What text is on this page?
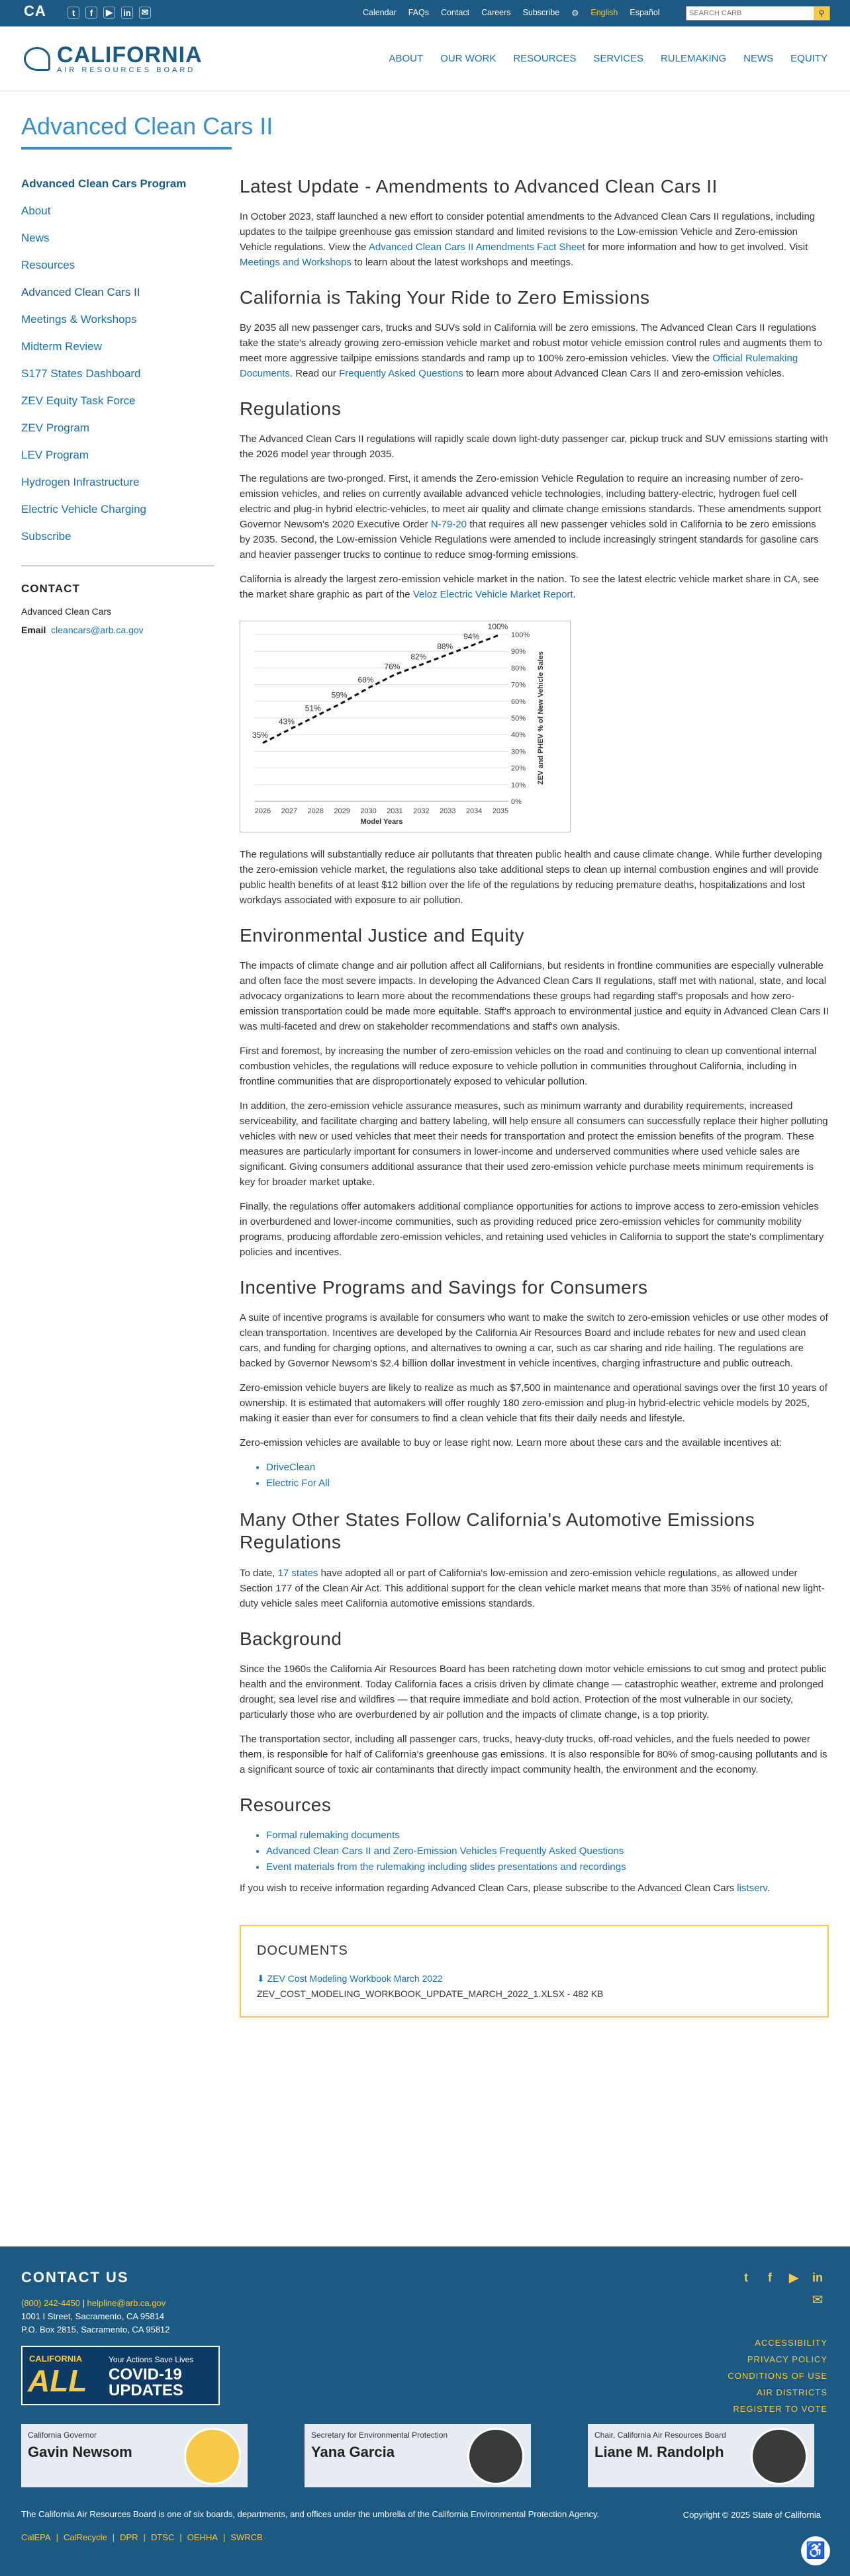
CA	t	f	▶	in ✉	Calendar FAQs Contact Careers Subscribe ⚙ English Español
SEARCH CARB	⚲
CALIFORNIA
AIR RESOURCES BOARD
ABOUT OUR WORK RESOURCES SERVICES RULEMAKING NEWS EQUITY
Advanced Clean Cars II
Advanced Clean Cars Program
About
News
Resources
Advanced Clean Cars II
Meetings & Workshops
Midterm Review
S177 States Dashboard
ZEV Equity Task Force
ZEV Program
LEV Program
Hydrogen Infrastructure
Electric Vehicle Charging
Subscribe
CONTACT
Advanced Clean Cars
Email cleancars@arb.ca.gov
Latest Update - Amendments to Advanced Clean Cars II

In October 2023, staff launched a new effort to consider potential amendments to the Advanced Clean Cars II regulations, including updates to the tailpipe greenhouse gas emission standard and limited revisions to the Low-emission Vehicle and Zero-emission Vehicle regulations. View the Advanced Clean Cars II Amendments Fact Sheet for more information and how to get involved. Visit Meetings and Workshops to learn about the latest workshops and meetings.

California is Taking Your Ride to Zero Emissions

By 2035 all new passenger cars, trucks and SUVs sold in California will be zero emissions. The Advanced Clean Cars II regulations take the state's already growing zero-emission vehicle market and robust motor vehicle emission control rules and augments them to meet more aggressive tailpipe emissions standards and ramp up to 100% zero-emission vehicles. View the Official Rulemaking Documents. Read our Frequently Asked Questions to learn more about Advanced Clean Cars II and zero-emission vehicles.

Regulations

The Advanced Clean Cars II regulations will rapidly scale down light-duty passenger car, pickup truck and SUV emissions starting with the 2026 model year through 2035.

The regulations are two-pronged. First, it amends the Zero-emission Vehicle Regulation to require an increasing number of zero-emission vehicles, and relies on currently available advanced vehicle technologies, including battery-electric, hydrogen fuel cell electric and plug-in hybrid electric-vehicles, to meet air quality and climate change emissions standards. These amendments support Governor Newsom's 2020 Executive Order N-79-20 that requires all new passenger vehicles sold in California to be zero emissions by 2035. Second, the Low-emission Vehicle Regulations were amended to include increasingly stringent standards for gasoline cars and heavier passenger trucks to continue to reduce smog-forming emissions.

California is already the largest zero-emission vehicle market in the nation. To see the latest electric vehicle market share in CA, see the market share graphic as part of the Veloz Electric Vehicle Market Report.

0%
10%
20%
30%
40%
50%
60%
70%
80%
90%
100%
2026 2027 2028 2029 2030 2031 2032 2033 2034 2035
35%
43%
51%
59%
68%
76%
82%
88%
94%
100%
Model Years
ZEV and PHEV % of New Vehicle Sales

The regulations will substantially reduce air pollutants that threaten public health and cause climate change. While further developing the zero-emission vehicle market, the regulations also take additional steps to clean up internal combustion engines and will provide public health benefits of at least $12 billion over the life of the regulations by reducing premature deaths, hospitalizations and lost workdays associated with exposure to air pollution.

Environmental Justice and Equity

The impacts of climate change and air pollution affect all Californians, but residents in frontline communities are especially vulnerable and often face the most severe impacts. In developing the Advanced Clean Cars II regulations, staff met with national, state, and local advocacy organizations to learn more about the recommendations these groups had regarding staff's proposals and how zero-emission transportation could be made more equitable. Staff's approach to environmental justice and equity in Advanced Clean Cars II was multi-faceted and drew on stakeholder recommendations and staff's own analysis.

First and foremost, by increasing the number of zero-emission vehicles on the road and continuing to clean up conventional internal combustion vehicles, the regulations will reduce exposure to vehicle pollution in communities throughout California, including in frontline communities that are disproportionately exposed to vehicular pollution.

In addition, the zero-emission vehicle assurance measures, such as minimum warranty and durability requirements, increased serviceability, and facilitate charging and battery labeling, will help ensure all consumers can successfully replace their higher polluting vehicles with new or used vehicles that meet their needs for transportation and protect the emission benefits of the program. These measures are particularly important for consumers in lower-income and underserved communities where used vehicle sales are significant. Giving consumers additional assurance that their used zero-emission vehicle purchase meets minimum requirements is key for broader market uptake.

Finally, the regulations offer automakers additional compliance opportunities for actions to improve access to zero-emission vehicles in overburdened and lower-income communities, such as providing reduced price zero-emission vehicles for community mobility programs, producing affordable zero-emission vehicles, and retaining used vehicles in California to support the state's complimentary policies and incentives.

Incentive Programs and Savings for Consumers

A suite of incentive programs is available for consumers who want to make the switch to zero-emission vehicles or use other modes of clean transportation. Incentives are developed by the California Air Resources Board and include rebates for new and used clean cars, and funding for charging options, and alternatives to owning a car, such as car sharing and ride hailing. The regulations are backed by Governor Newsom's $2.4 billion dollar investment in vehicle incentives, charging infrastructure and public outreach.

Zero-emission vehicle buyers are likely to realize as much as $7,500 in maintenance and operational savings over the first 10 years of ownership. It is estimated that automakers will offer roughly 180 zero-emission and plug-in hybrid-electric vehicle models by 2025, making it easier than ever for consumers to find a clean vehicle that fits their daily needs and lifestyle.

Zero-emission vehicles are available to buy or lease right now. Learn more about these cars and the available incentives at:

• DriveClean
• Electric For All
Many Other States Follow California's Automotive Emissions Regulations

To date, 17 states have adopted all or part of California's low-emission and zero-emission vehicle regulations, as allowed under Section 177 of the Clean Air Act. This additional support for the clean vehicle market means that more than 35% of national new light-duty vehicle sales meet California automotive emissions standards.

Background

Since the 1960s the California Air Resources Board has been ratcheting down motor vehicle emissions to cut smog and protect public health and the environment. Today California faces a crisis driven by climate change — catastrophic weather, extreme and prolonged drought, sea level rise and wildfires — that require immediate and bold action. Protection of the most vulnerable in our society, particularly those who are overburdened by air pollution and the impacts of climate change, is a top priority.

The transportation sector, including all passenger cars, trucks, heavy-duty trucks, off-road vehicles, and the fuels needed to power them, is responsible for half of California's greenhouse gas emissions. It is also responsible for 80% of smog-causing pollutants and is a significant source of toxic air contaminants that directly impact community health, the environment and the economy.

Resources
• Formal rulemaking documents
• Advanced Clean Cars II and Zero-Emission Vehicles Frequently Asked Questions
• Event materials from the rulemaking including slides presentations and recordings

If you wish to receive information regarding Advanced Clean Cars, please subscribe to the Advanced Clean Cars listserv.

DOCUMENTS
⬇ ZEV Cost Modeling Workbook March 2022
ZEV_COST_MODELING_WORKBOOK_UPDATE_MARCH_2022_1.XLSX - 482 KB
CONTACT US
(800) 242-4450 | helpline@arb.ca.gov
1001 I Street, Sacramento, CA 95814
P.O. Box 2815, Sacramento, CA 95812
t	f	▶	in
✉
CALIFORNIA
ALL
Your Actions Save Lives
COVID-19
UPDATES
ACCESSIBILITY
PRIVACY POLICY
CONDITIONS OF USE
AIR DISTRICTS
REGISTER TO VOTE
California Governor
Gavin Newsom
Secretary for Environmental Protection
Yana Garcia
Chair, California Air Resources Board
Liane M. Randolph
The California Air Resources Board is one of six boards, departments, and offices under the umbrella of the California Environmental Protection Agency.
CalEPA | CalRecycle | DPR | DTSC | OEHHA | SWRCB
Copyright © 2025 State of California
♿
